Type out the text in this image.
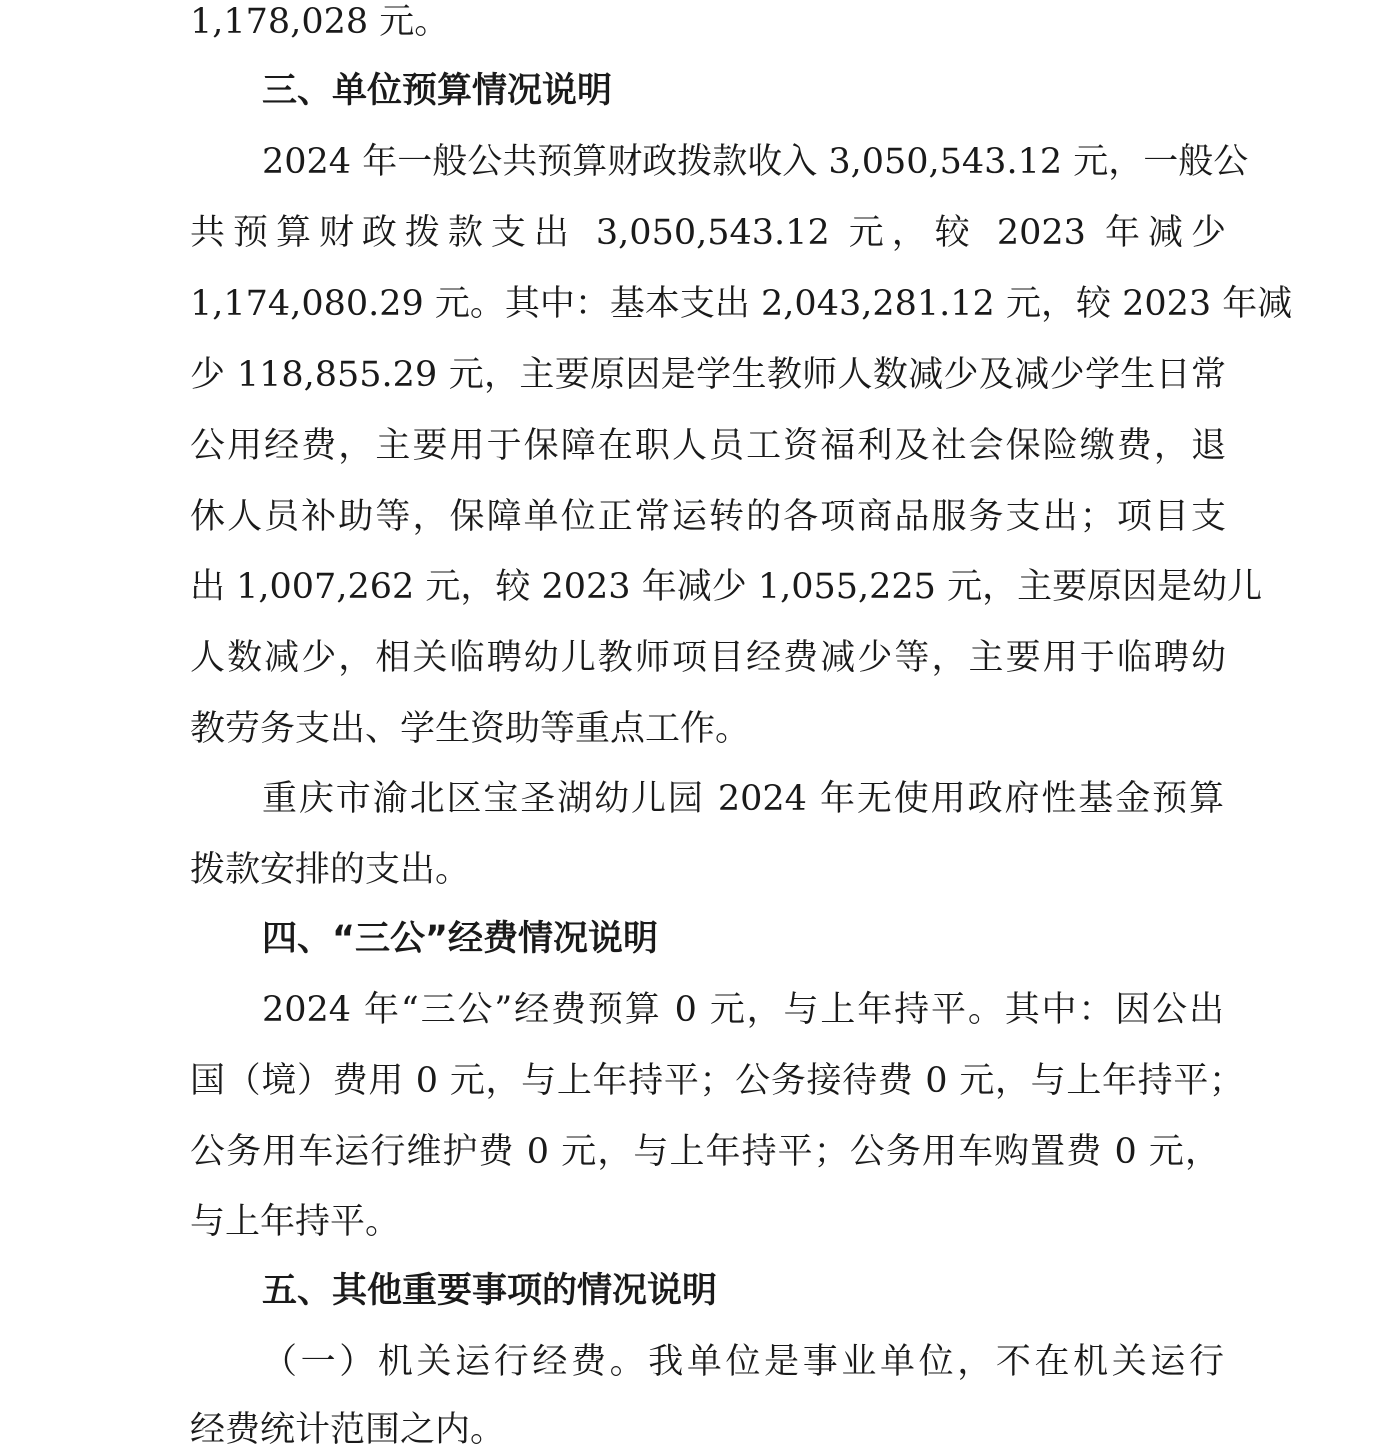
1,178,028 元。
三、单位预算情况说明
2024 年一般公共预算财政拨款收入 3,050,543.12 元，一般公
共预算财政拨款支出 3,050,543.12 元，较 2023 年减少
1,174,080.29 元。其中：基本支出 2,043,281.12 元，较 2023 年减
少 118,855.29 元，主要原因是学生教师人数减少及减少学生日常
公用经费，主要用于保障在职人员工资福利及社会保险缴费，退
休人员补助等，保障单位正常运转的各项商品服务支出；项目支
出 1,007,262 元，较 2023 年减少 1,055,225 元，主要原因是幼儿
人数减少，相关临聘幼儿教师项目经费减少等，主要用于临聘幼
教劳务支出、学生资助等重点工作。
重庆市渝北区宝圣湖幼儿园 2024 年无使用政府性基金预算
拨款安排的支出。
四、“三公”经费情况说明
2024 年“三公”经费预算 0 元，与上年持平。其中：因公出
国（境）费用 0 元，与上年持平；公务接待费 0 元，与上年持平；
公务用车运行维护费 0 元，与上年持平；公务用车购置费 0 元，
与上年持平。
五、其他重要事项的情况说明
（一）机关运行经费。我单位是事业单位，不在机关运行
经费统计范围之内。
